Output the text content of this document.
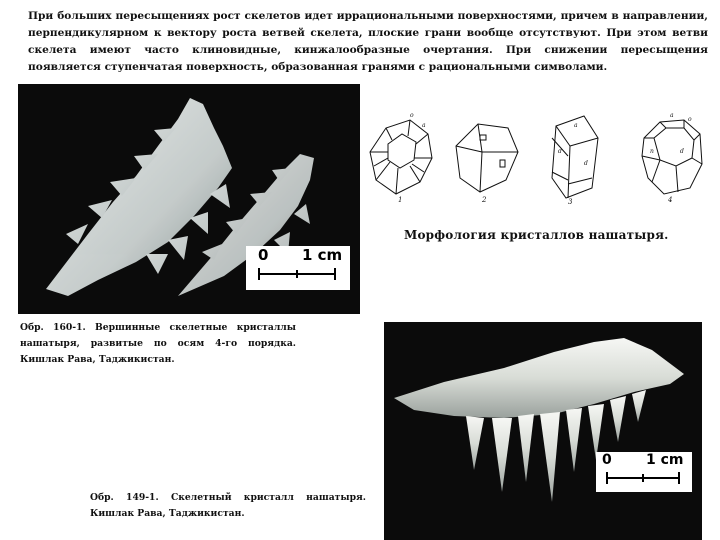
При больших пересыщениях рост скелетов идет иррациональными поверхностями, причем в направлении, перпендикулярном к вектору роста ветвей скелета, плоские грани вообще отсутствуют. При этом ветви скелета имеют часто клиновидные, кинжалообразные очертания. При снижении пересыщения появляется ступенчатая поверхность, образованная гранями с рациональными символами.
0 1 cm
Обр. 160-1. Вершинные скелетные кристаллы нашатыря, развитые по осям 4-го порядка. Кишлак Рава, Таджикистан.
1	2	3	4
a
o
a
d
d
a
o
d
n
Морфология кристаллов нашатыря.
0 1 cm
Обр. 149-1. Скелетный кристалл нашатыря. Кишлак Рава, Таджикистан.
